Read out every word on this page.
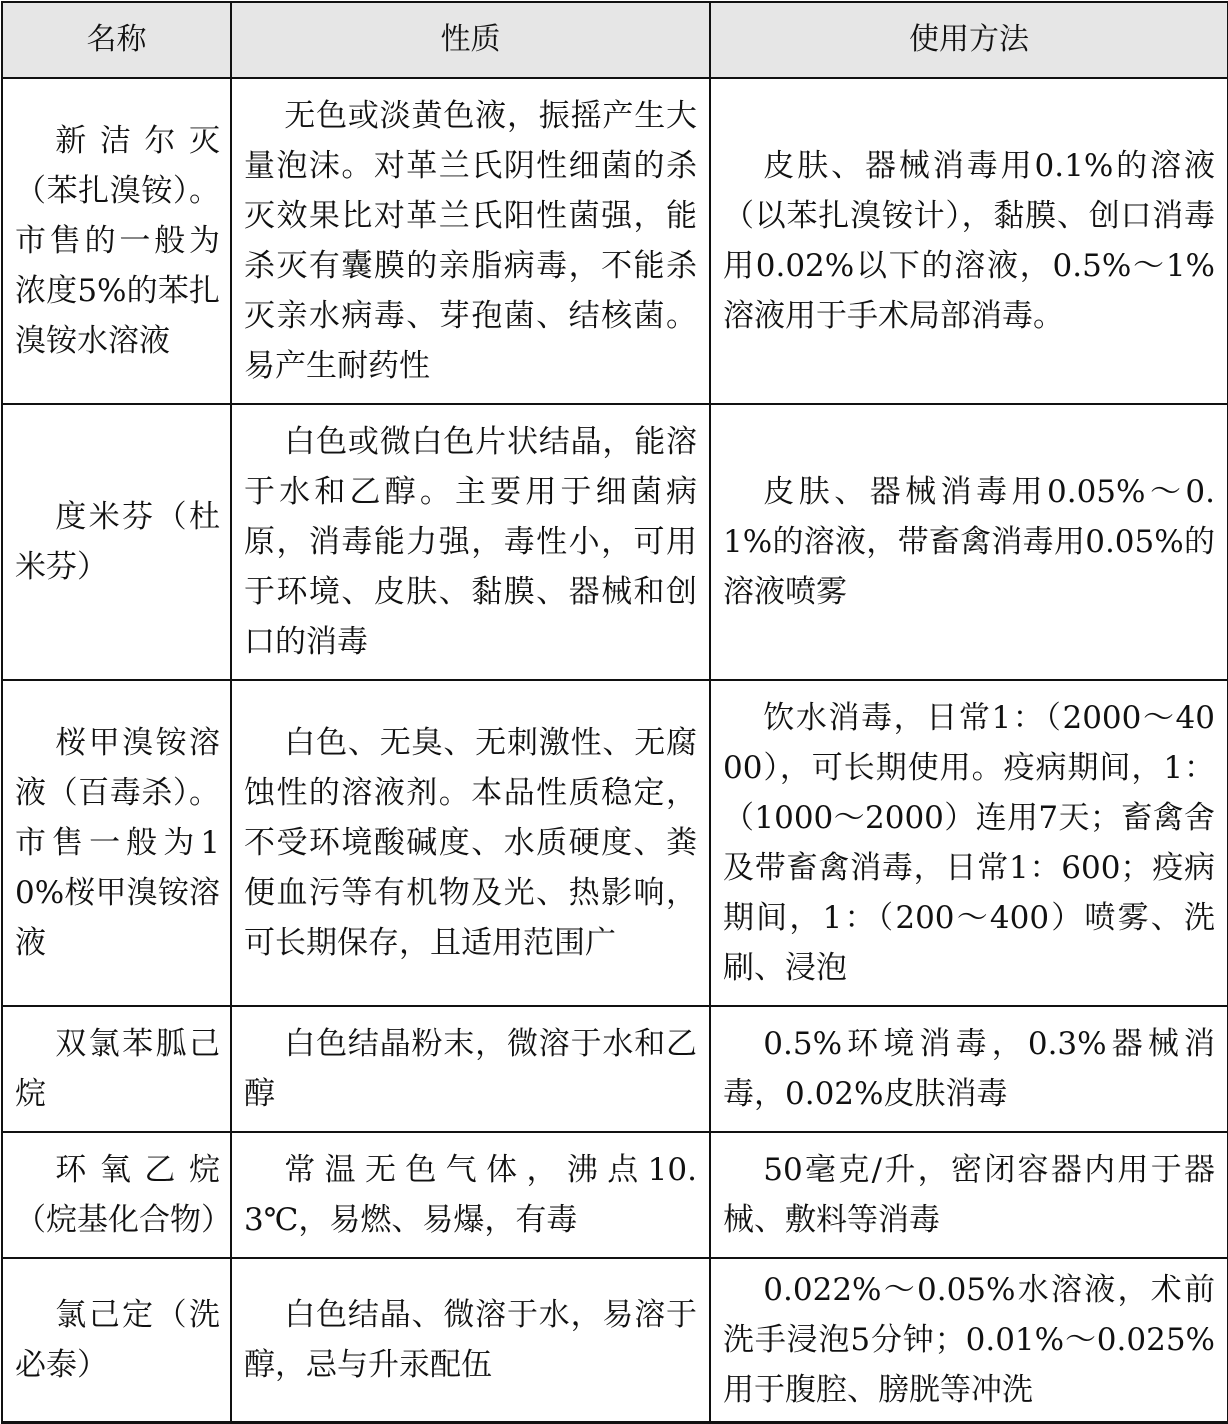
名称	性质	使用方法

新洁尔灭（苯扎溴铵）。市售的一般为浓度5%的苯扎溴铵水溶液	无色或淡黄色液，振摇产生大量泡沫。对革兰氏阴性细菌的杀灭效果比对革兰氏阳性菌强，能杀灭有囊膜的亲脂病毒，不能杀灭亲水病毒、芽孢菌、结核菌。易产生耐药性	皮肤、器械消毒用0.1%的溶液（以苯扎溴铵计），黏膜、创口消毒用0.02%以下的溶液，0.5%～1%溶液用于手术局部消毒。

度米芬（杜米芬）	白色或微白色片状结晶，能溶于水和乙醇。主要用于细菌病原，消毒能力强，毒性小，可用于环境、皮肤、黏膜、器械和创口的消毒	皮肤、器械消毒用0.05%～0.1%的溶液，带畜禽消毒用0.05%的溶液喷雾

桜甲溴铵溶液（百毒杀）。市售一般为10%桜甲溴铵溶液	白色、无臭、无刺激性、无腐蚀性的溶液剂。本品性质稳定，不受环境酸碱度、水质硬度、粪便血污等有机物及光、热影响，可长期保存，且适用范围广	饮水消毒，日常1：（2000～4000），可长期使用。疫病期间，1：（1000～2000）连用7天；畜禽舍及带畜禽消毒，日常1：600；疫病期间，1：（200～400）喷雾、洗刷、浸泡

双氯苯胍己烷	白色结晶粉末，微溶于水和乙醇	0.5%环境消毒，0.3%器械消毒，0.02%皮肤消毒

环氧乙烷（烷基化合物）	常温无色气体，沸点10.3℃，易燃、易爆，有毒	50毫克/升，密闭容器内用于器械、敷料等消毒

氯己定（洗必泰）	白色结晶、微溶于水，易溶于醇，忌与升汞配伍	0.022%～0.05%水溶液，术前洗手浸泡5分钟；0.01%～0.025%用于腹腔、膀胱等冲洗
